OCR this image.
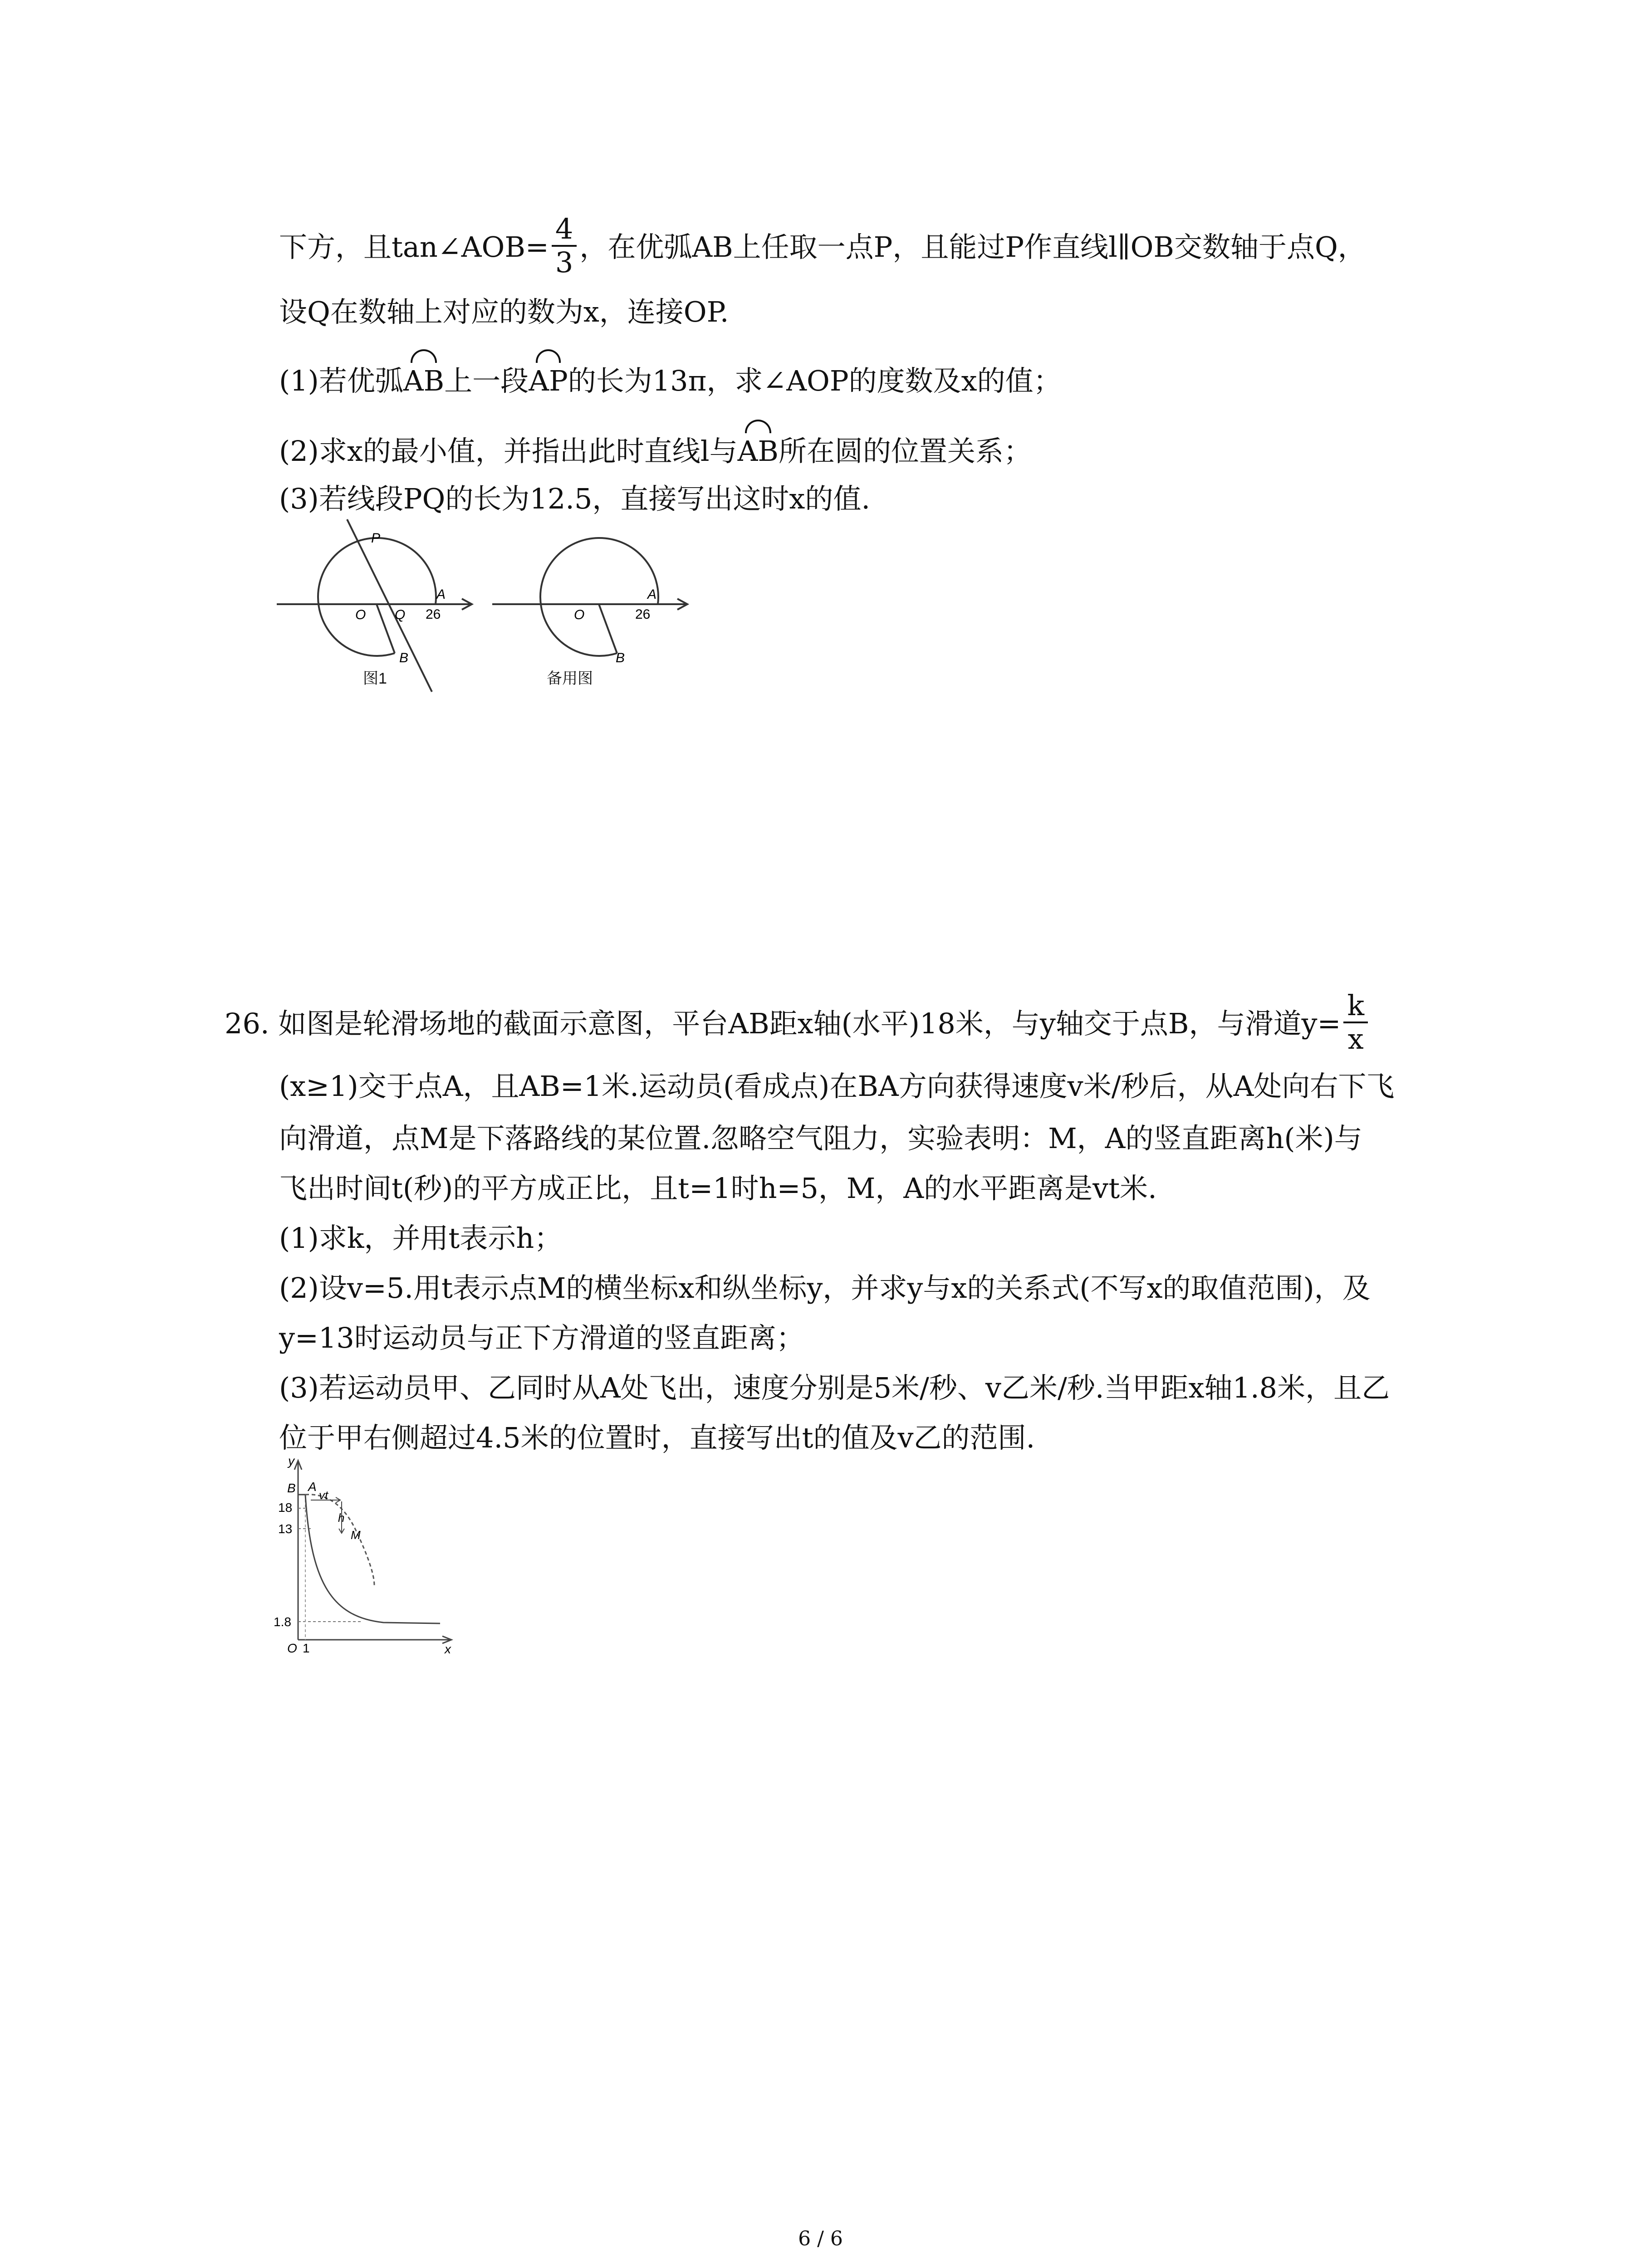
下方，且tan∠AOB= $\frac{4}{3}$ ，在优弧AB上任取一点P，且能过P作直线l∥OB交数轴于点Q，
设Q在数轴上对应的数为x，连接OP.
(1)若优弧AB上一段AP的长为13π，求∠AOP的度数及x的值；
(2)求x的最小值，并指出此时直线l与AB所在圆的位置关系；
(3)若线段PQ的长为12.5，直接写出这时x的值.
P
O Q
A
26
B
图1
O
A
26
B
备用图
26. 如图是轮滑场地的截面示意图，平台AB距x轴(水平)18米，与y轴交于点B，与滑道$y= \frac{k}{x}$
(x≥1)交于点A，且AB=1米.运动员(看成点)在BA方向获得速度v米/秒后，从A处向右下飞
向滑道，点M是下落路线的某位置.忽略空气阻力，实验表明：M，A的竖直距离h(米)与
飞出时间t(秒)的平方成正比，且t=1时h=5，M，A的水平距离是vt米.
(1)求k，并用t表示h；
(2)设v=5.用t表示点M的横坐标x和纵坐标y，并求y与x的关系式(不写x的取值范围)，及
y=13时运动员与正下方滑道的竖直距离；
(3)若运动员甲、乙同时从A处飞出，速度分别是5米/秒、v乙米/秒.当甲距x轴1.8米，且乙
位于甲右侧超过4.5米的位置时，直接写出t的值及v乙的范围.
y
B A
vt
h
M
18
13
1.8
O 1	x
6 / 6
